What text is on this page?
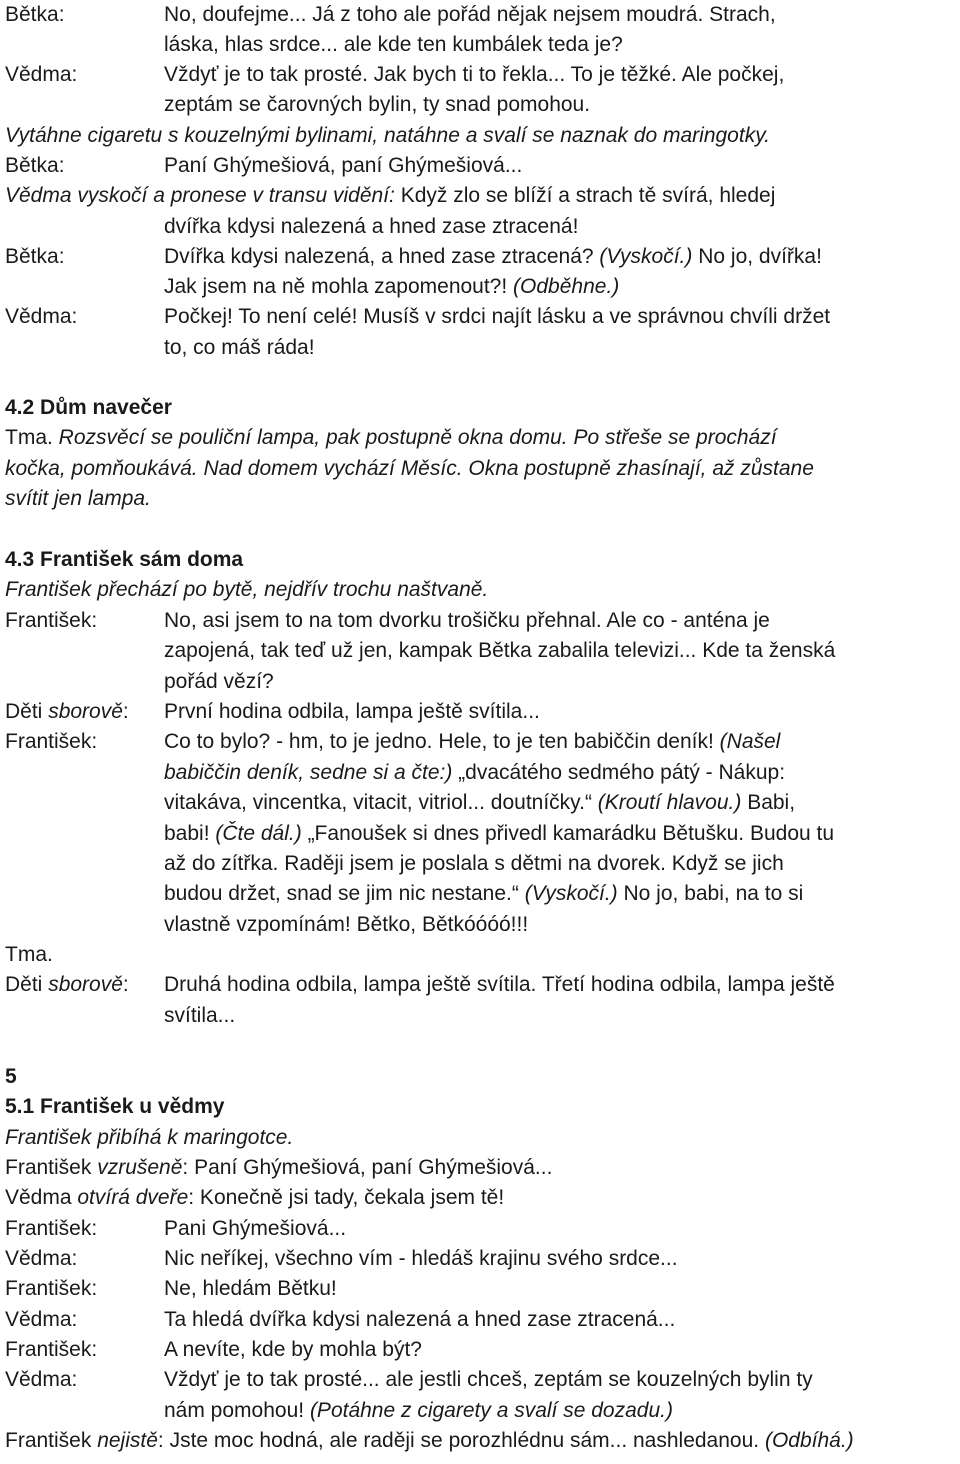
Bětka:	No, doufejme... Já z toho ale pořád nějak nejsem moudrá. Strach,
láska, hlas srdce... ale kde ten kumbálek teda je?
Vědma:	Vždyť je to tak prosté. Jak bych ti to řekla... To je těžké. Ale počkej,
zeptám se čarovných bylin, ty snad pomohou.
Vytáhne cigaretu s kouzelnými bylinami, natáhne a svalí se naznak do maringotky.
Bětka:	Paní Ghýmešiová, paní Ghýmešiová...
Vědma vyskočí a pronese v transu vidění: Když zlo se blíží a strach tě svírá, hledej
dvířka kdysi nalezená a hned zase ztracená!
Bětka:	Dvířka kdysi nalezená, a hned zase ztracená? (Vyskočí.) No jo, dvířka!
Jak jsem na ně mohla zapomenout?! (Odběhne.)
Vědma:	Počkej! To není celé! Musíš v srdci najít lásku a ve správnou chvíli držet
to, co máš ráda!
4.2 Dům navečer
Tma. Rozsvěcí se pouliční lampa, pak postupně okna domu. Po střeše se prochází
kočka, pomňoukává. Nad domem vychází Měsíc. Okna postupně zhasínají, až zůstane
svítit jen lampa.
4.3 František sám doma
František přechází po bytě, nejdřív trochu naštvaně.
František:	No, asi jsem to na tom dvorku trošičku přehnal. Ale co - anténa je
zapojená, tak teď už jen, kampak Bětka zabalila televizi... Kde ta ženská
pořád vězí?
Děti sborově: První hodina odbila, lampa ještě svítila...
František:	Co to bylo? - hm, to je jedno. Hele, to je ten babiččin deník! (Našel
babiččin deník, sedne si a čte:) „dvacátého sedmého pátý - Nákup:
vitakáva, vincentka, vitacit, vitriol... doutníčky.“ (Kroutí hlavou.) Babi,
babi! (Čte dál.) „Fanoušek si dnes přivedl kamarádku Bětušku. Budou tu
až do zítřka. Raději jsem je poslala s dětmi na dvorek. Když se jich
budou držet, snad se jim nic nestane.“ (Vyskočí.) No jo, babi, na to si
vlastně vzpomínám! Bětko, Bětkóóóó!!!
Tma.
Děti sborově: Druhá hodina odbila, lampa ještě svítila. Třetí hodina odbila, lampa ještě
svítila...
5
5.1 František u vědmy
František přibíhá k maringotce.
František vzrušeně: Paní Ghýmešiová, paní Ghýmešiová...
Vědma otvírá dveře: Konečně jsi tady, čekala jsem tě!
František:	Pani Ghýmešiová...
Vědma:	Nic neříkej, všechno vím - hledáš krajinu svého srdce...
František:	Ne, hledám Bětku!
Vědma:	Ta hledá dvířka kdysi nalezená a hned zase ztracená...
František:	A nevíte, kde by mohla být?
Vědma:	Vždyť je to tak prosté... ale jestli chceš, zeptám se kouzelných bylin ty
nám pomohou! (Potáhne z cigarety a svalí se dozadu.)
František nejistě: Jste moc hodná, ale raději se porozhlédnu sám... nashledanou. (Odbíhá.)
